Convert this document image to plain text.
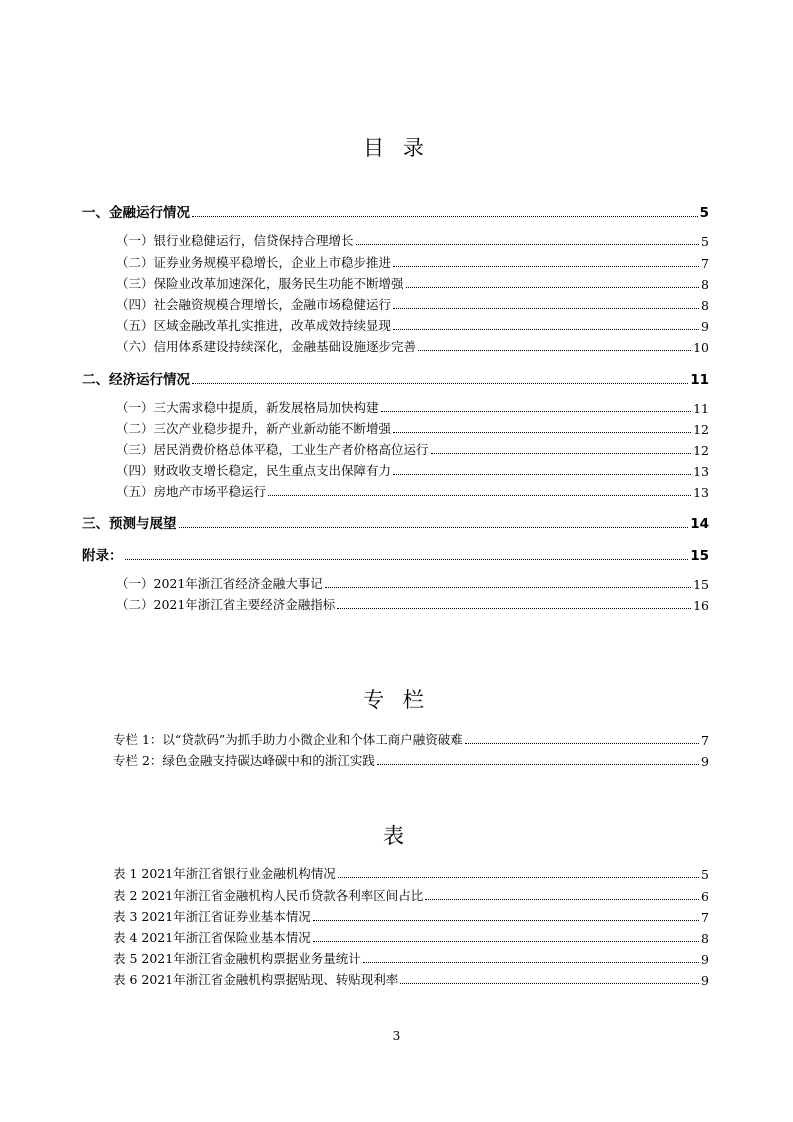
目 录
专 栏
表
一、金融运行情况	5
（一）银行业稳健运行，信贷保持合理增长	5
（二）证券业务规模平稳增长，企业上市稳步推进	7
（三）保险业改革加速深化，服务民生功能不断增强	8
（四）社会融资规模合理增长，金融市场稳健运行	8
（五）区域金融改革扎实推进，改革成效持续显现	9
（六）信用体系建设持续深化，金融基础设施逐步完善	10
二、经济运行情况	11
（一）三大需求稳中提质，新发展格局加快构建	11
（二）三次产业稳步提升，新产业新动能不断增强	12
（三）居民消费价格总体平稳，工业生产者价格高位运行	12
（四）财政收支增长稳定，民生重点支出保障有力	13
（五）房地产市场平稳运行	13
三、预测与展望	14
附录：	15
（一）2021年浙江省经济金融大事记	15
（二）2021年浙江省主要经济金融指标	16
专栏 1：以“贷款码”为抓手助力小微企业和个体工商户融资破难	7
专栏 2：绿色金融支持碳达峰碳中和的浙江实践	9
表 1 2021年浙江省银行业金融机构情况	5
表 2 2021年浙江省金融机构人民币贷款各利率区间占比	6
表 3 2021年浙江省证券业基本情况	7
表 4 2021年浙江省保险业基本情况	8
表 5 2021年浙江省金融机构票据业务量统计	9
表 6 2021年浙江省金融机构票据贴现、转贴现利率	9
3
